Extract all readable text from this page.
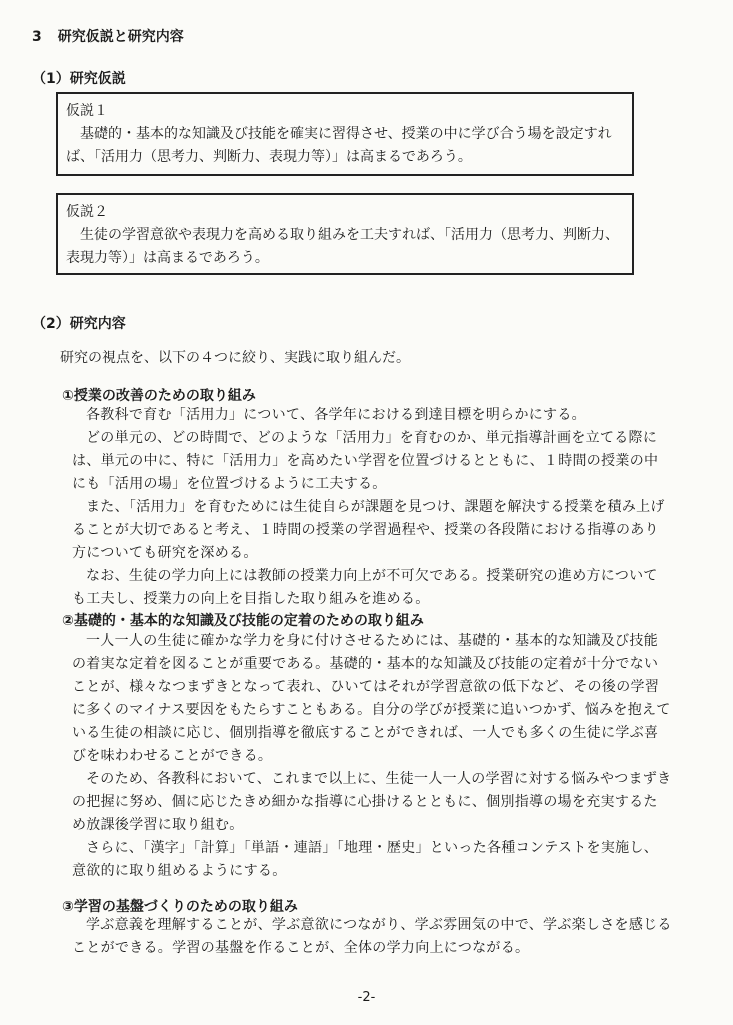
3 研究仮説と研究内容
（1）研究仮説
仮説１

基礎的・基本的な知識及び技能を確実に習得させ、授業の中に学び合う場を設定すれば、「活用力（思考力、判断力、表現力等）」は高まるであろう。

仮説２

生徒の学習意欲や表現力を高める取り組みを工夫すれば、「活用力（思考力、判断力、表現力等）」は高まるであろう。

（2）研究内容
研究の視点を、以下の４つに絞り、実践に取り組んだ。
①授業の改善のための取り組み

各教科で育む「活用力」について、各学年における到達目標を明らかにする。

どの単元の、どの時間で、どのような「活用力」を育むのか、単元指導計画を立てる際には、単元の中に、特に「活用力」を高めたい学習を位置づけるとともに、１時間の授業の中にも「活用の場」を位置づけるように工夫する。

また、「活用力」を育むためには生徒自らが課題を見つけ、課題を解決する授業を積み上げることが大切であると考え、１時間の授業の学習過程や、授業の各段階における指導のあり方についても研究を深める。

なお、生徒の学力向上には教師の授業力向上が不可欠である。授業研究の進め方についても工夫し、授業力の向上を目指した取り組みを進める。

②基礎的・基本的な知識及び技能の定着のための取り組み

一人一人の生徒に確かな学力を身に付けさせるためには、基礎的・基本的な知識及び技能の着実な定着を図ることが重要である。基礎的・基本的な知識及び技能の定着が十分でないことが、様々なつまずきとなって表れ、ひいてはそれが学習意欲の低下など、その後の学習に多くのマイナス要因をもたらすこともある。自分の学びが授業に追いつかず、悩みを抱えている生徒の相談に応じ、個別指導を徹底することができれば、一人でも多くの生徒に学ぶ喜びを味わわせることができる。

そのため、各教科において、これまで以上に、生徒一人一人の学習に対する悩みやつまずきの把握に努め、個に応じたきめ細かな指導に心掛けるとともに、個別指導の場を充実するため放課後学習に取り組む。

さらに、「漢字」「計算」「単語・連語」「地理・歴史」といった各種コンテストを実施し、意欲的に取り組めるようにする。

③学習の基盤づくりのための取り組み

学ぶ意義を理解することが、学ぶ意欲につながり、学ぶ雰囲気の中で、学ぶ楽しさを感じることができる。学習の基盤を作ることが、全体の学力向上につながる。

-2-
